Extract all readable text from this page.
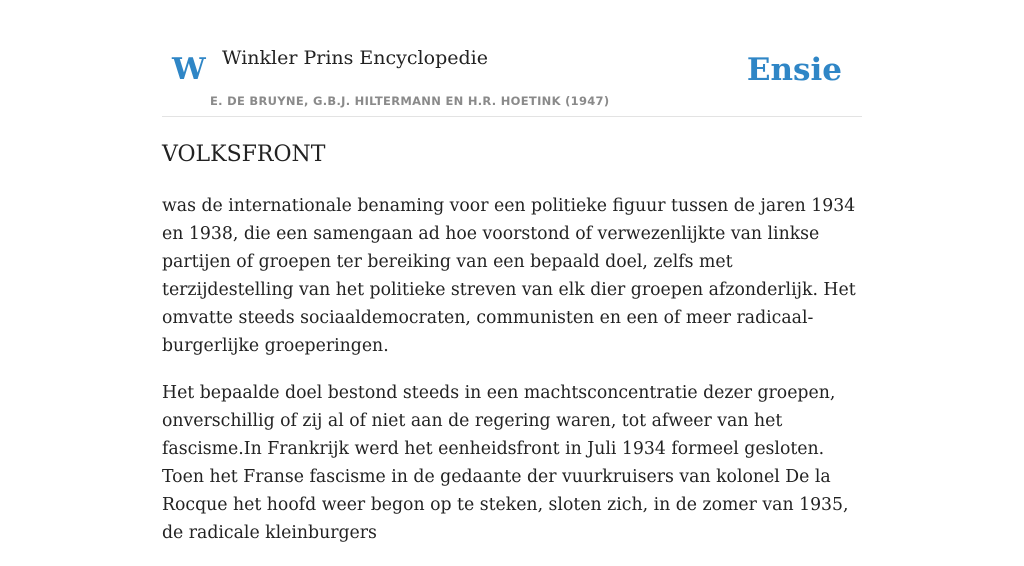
W Winkler Prins Encyclopedie
E. DE BRUYNE, G.B.J. HILTERMANN EN H.R. HOETINK (1947)
Ensie
VOLKSFRONT

was de internationale benaming voor een politieke figuur tussen de jaren 1934 en 1938, die een samengaan ad hoe voorstond of verwezenlijkte van linkse partijen of groepen ter bereiking van een bepaald doel, zelfs met terzijdestelling van het politieke streven van elk dier groepen afzonderlijk. Het omvatte steeds sociaaldemocraten, communisten en een of meer radicaal-burgerlijke groeperingen.

Het bepaalde doel bestond steeds in een machtsconcentratie dezer groepen, onverschillig of zij al of niet aan de regering waren, tot afweer van het fascisme.In Frankrijk werd het eenheidsfront in Juli 1934 formeel gesloten. Toen het Franse fascisme in de gedaante der vuurkruisers van kolonel De la Rocque het hoofd weer begon op te steken, sloten zich, in de zomer van 1935, de radicale kleinburgers
